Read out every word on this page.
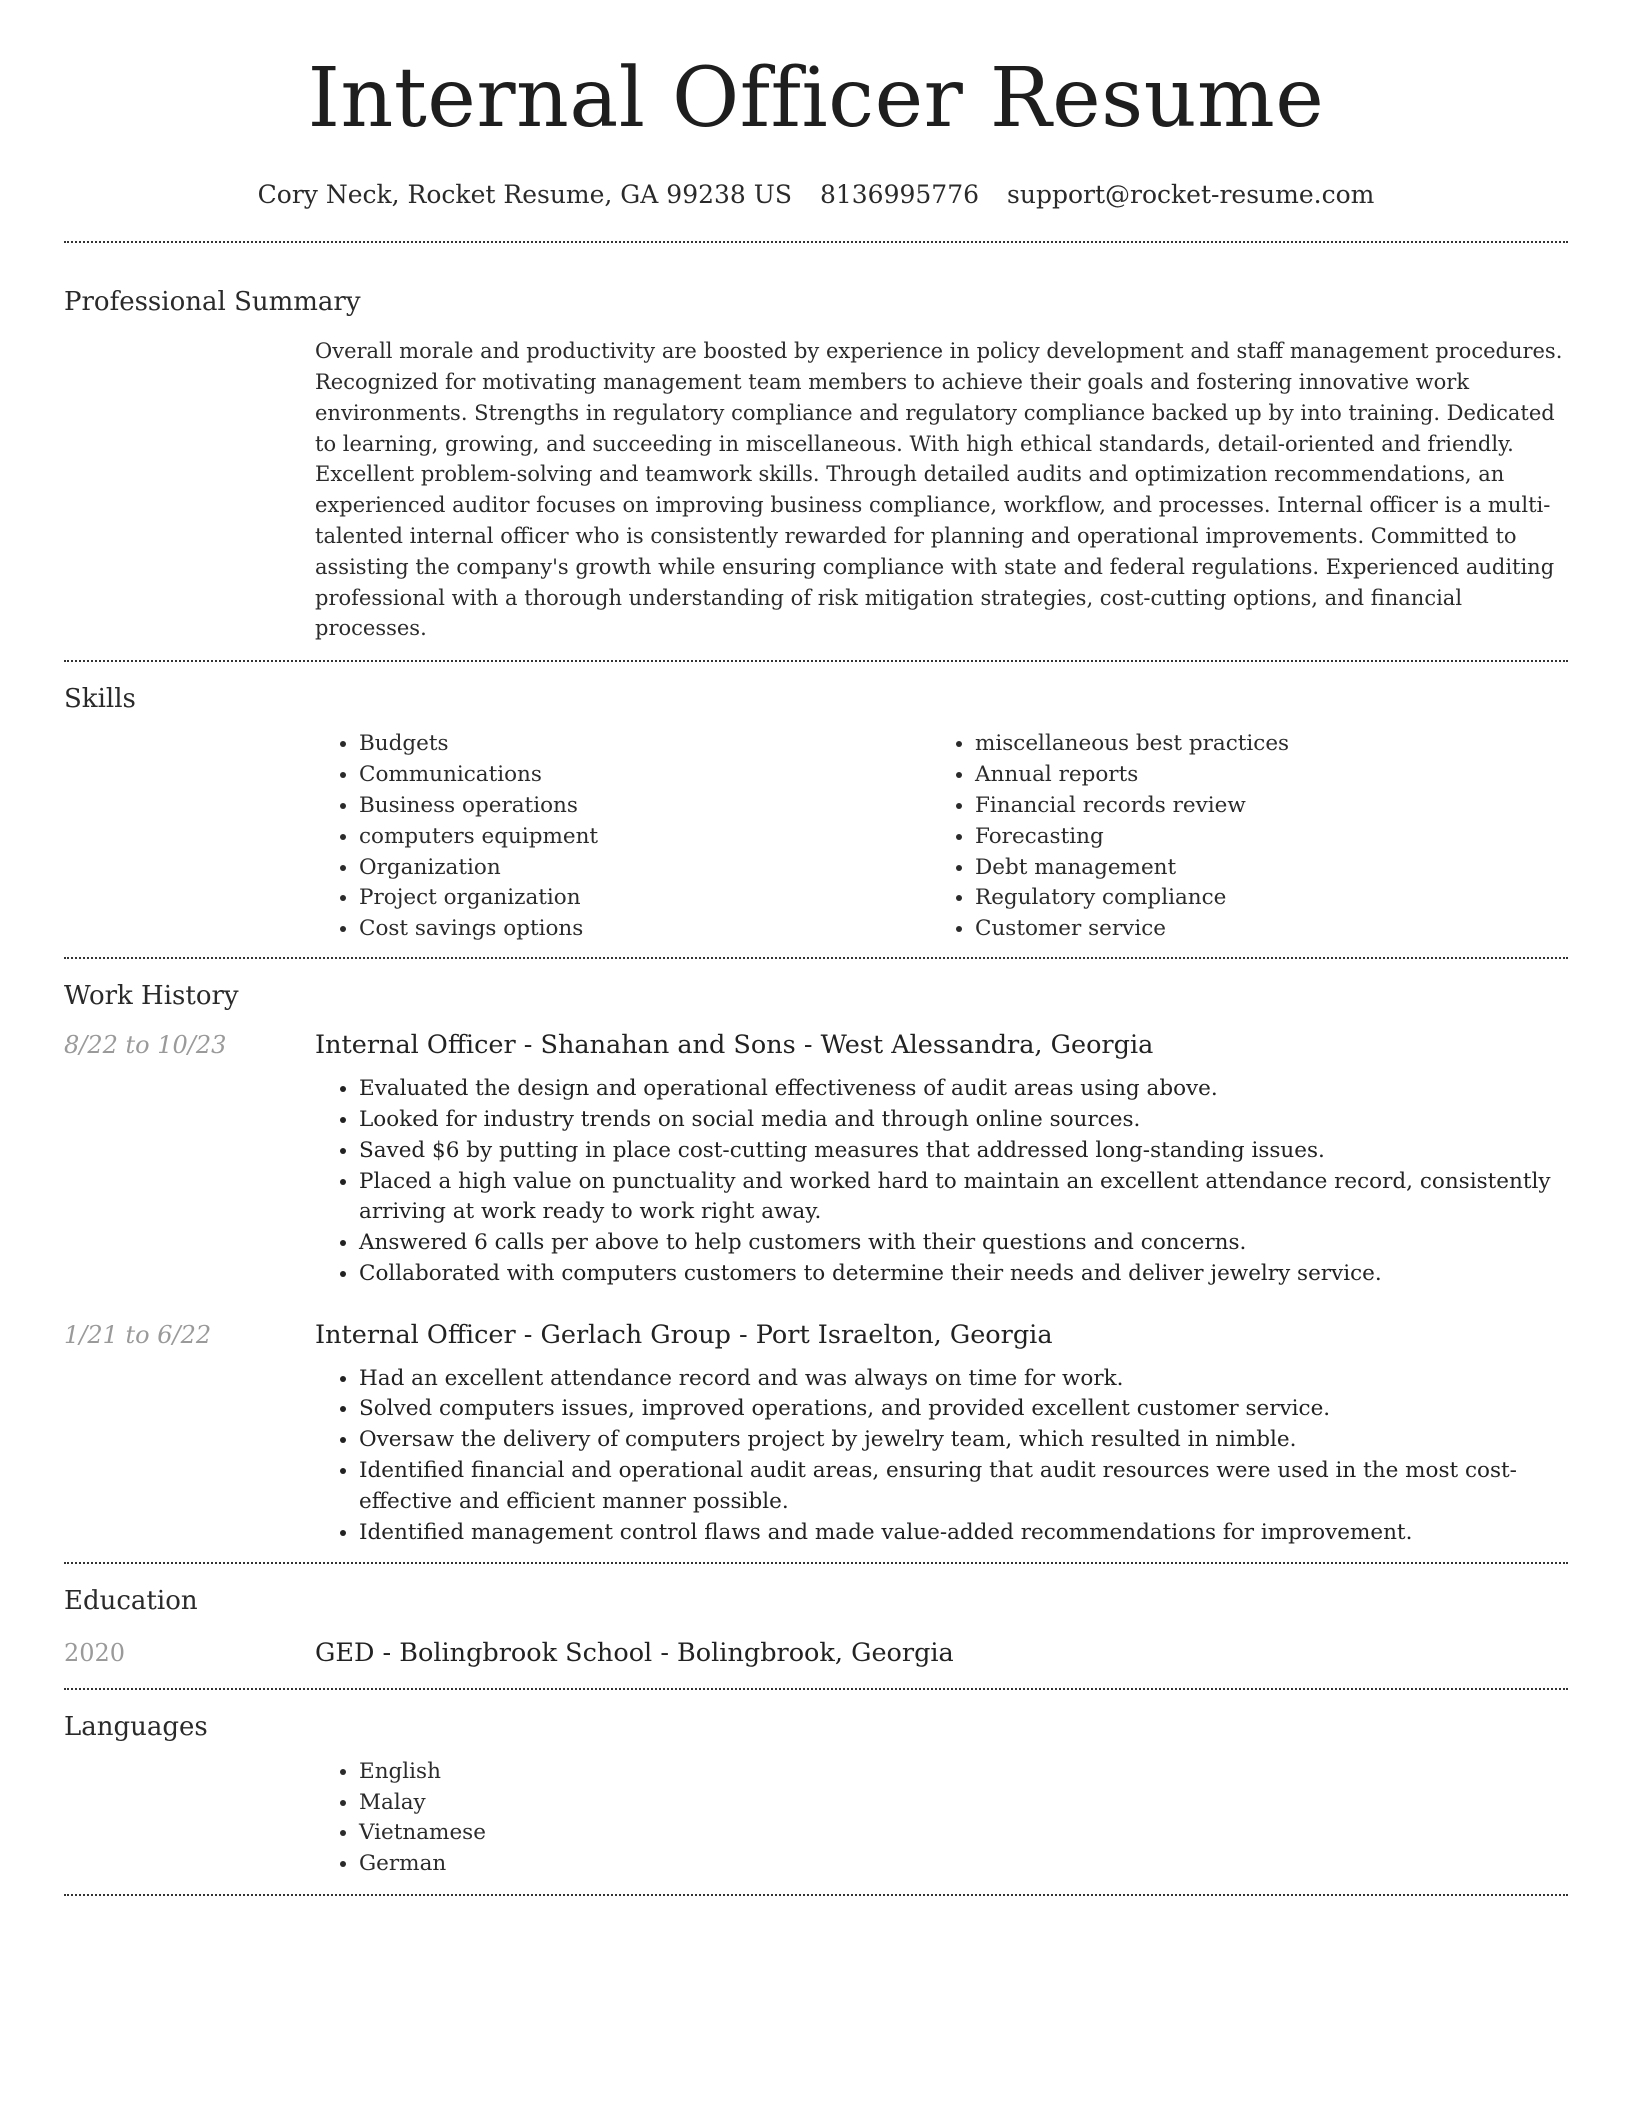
Internal Officer Resume
Cory Neck, Rocket Resume, GA 99238 US 8136995776 support@rocket-resume.com
Professional Summary
Overall morale and productivity are boosted by experience in policy development and staff management procedures. Recognized for motivating management team members to achieve their goals and fostering innovative work environments. Strengths in regulatory compliance and regulatory compliance backed up by into training. Dedicated to learning, growing, and succeeding in miscellaneous. With high ethical standards, detail-oriented and friendly. Excellent problem-solving and teamwork skills. Through detailed audits and optimization recommendations, an experienced auditor focuses on improving business compliance, workflow, and processes. Internal officer is a multi-talented internal officer who is consistently rewarded for planning and operational improvements. Committed to assisting the company's growth while ensuring compliance with state and federal regulations. Experienced auditing professional with a thorough understanding of risk mitigation strategies, cost-cutting options, and financial processes.
Skills
• Budgets
• Communications
• Business operations
• computers equipment
• Organization
• Project organization
• Cost savings options
• miscellaneous best practices
• Annual reports
• Financial records review
• Forecasting
• Debt management
• Regulatory compliance
• Customer service
Work History
8/22 to 10/23	Internal Officer - Shanahan and Sons - West Alessandra, Georgia
• Evaluated the design and operational effectiveness of audit areas using above.
• Looked for industry trends on social media and through online sources.
• Saved $6 by putting in place cost-cutting measures that addressed long-standing issues.
• Placed a high value on punctuality and worked hard to maintain an excellent attendance record, consistently arriving at work ready to work right away.
• Answered 6 calls per above to help customers with their questions and concerns.
• Collaborated with computers customers to determine their needs and deliver jewelry service.
1/21 to 6/22	Internal Officer - Gerlach Group - Port Israelton, Georgia
• Had an excellent attendance record and was always on time for work.
• Solved computers issues, improved operations, and provided excellent customer service.
• Oversaw the delivery of computers project by jewelry team, which resulted in nimble.
• Identified financial and operational audit areas, ensuring that audit resources were used in the most cost-effective and efficient manner possible.
• Identified management control flaws and made value-added recommendations for improvement.
Education
2020	GED - Bolingbrook School - Bolingbrook, Georgia
Languages
• English
• Malay
• Vietnamese
• German
